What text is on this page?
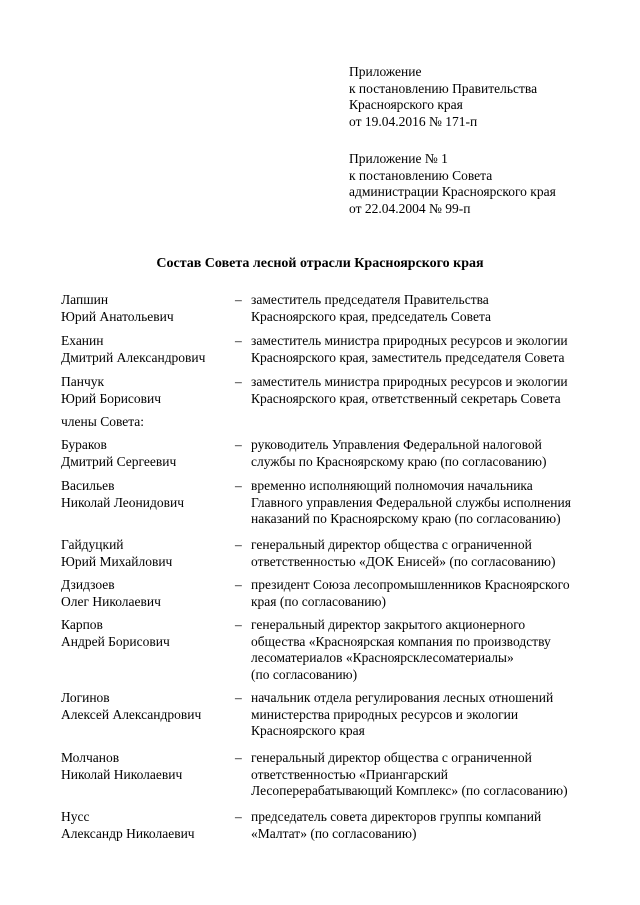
Приложение
к постановлению Правительства
Красноярского края
от 19.04.2016 № 171-п
Приложение № 1
к постановлению Совета
администрации Красноярского края
от 22.04.2004 № 99-п
Состав Совета лесной отрасли Красноярского края
Лапшин
Юрий Анатольевич
– заместитель председателя Правительства
Красноярского края, председатель Совета
Еханин
Дмитрий Александрович
– заместитель министра природных ресурсов и экологии
Красноярского края, заместитель председателя Совета
Панчук
Юрий Борисович
– заместитель министра природных ресурсов и экологии
Красноярского края, ответственный секретарь Совета
члены Совета:
Бураков
Дмитрий Сергеевич
– руководитель Управления Федеральной налоговой
службы по Красноярскому краю (по согласованию)
Васильев
Николай Леонидович
– временно исполняющий полномочия начальника
Главного управления Федеральной службы исполнения
наказаний по Красноярскому краю (по согласованию)
Гайдуцкий
Юрий Михайлович
– генеральный директор общества с ограниченной
ответственностью «ДОК Енисей» (по согласованию)
Дзидзоев
Олег Николаевич
– президент Союза лесопромышленников Красноярского
края (по согласованию)
Карпов
Андрей Борисович
– генеральный директор закрытого акционерного
общества «Красноярская компания по производству
лесоматериалов «Красноярсклесоматериалы»
(по согласованию)
Логинов
Алексей Александрович
– начальник отдела регулирования лесных отношений
министерства природных ресурсов и экологии
Красноярского края
Молчанов
Николай Николаевич
– генеральный директор общества с ограниченной
ответственностью «Приангарский
Лесоперерабатывающий Комплекс» (по согласованию)
Нусс
Александр Николаевич
– председатель совета директоров группы компаний
«Малтат» (по согласованию)
